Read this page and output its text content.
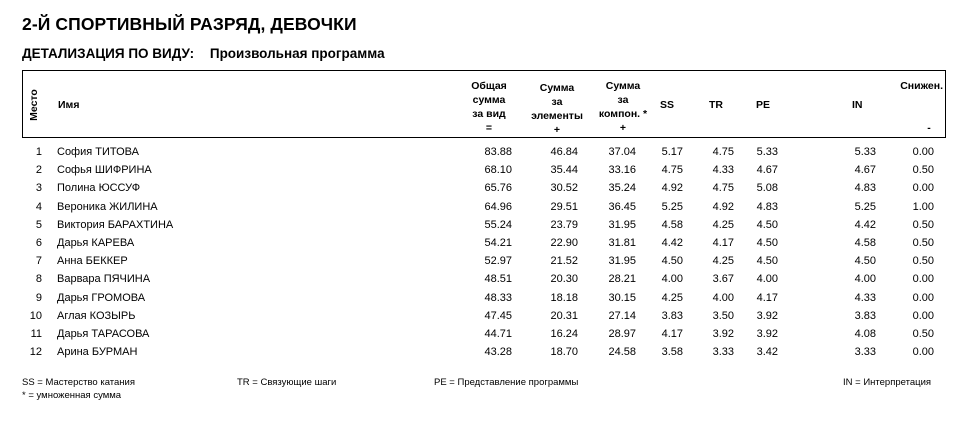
2-Й СПОРТИВНЫЙ РАЗРЯД, ДЕВОЧКИ
ДЕТАЛИЗАЦИЯ ПО ВИДУ: Произвольная программа
Место Имя
Общая
сумма
за вид
=
Сумма
за
элементы
+
Сумма
за
компон. *
+
SS	TR	PE	IN
Снижен.
-
1 София ТИТОВА	83.88	46.84	37.04	5.17	4.75	5.33	5.33	0.00
2 Софья ШИФРИНА	68.10	35.44	33.16	4.75	4.33	4.67	4.67	0.50
3 Полина ЮССУФ	65.76	30.52	35.24	4.92	4.75	5.08	4.83	0.00
4 Вероника ЖИЛИНА	64.96	29.51	36.45	5.25	4.92	4.83	5.25	1.00
5 Виктория БАРАХТИНА	55.24	23.79	31.95	4.58	4.25	4.50	4.42	0.50
6 Дарья КАРЕВА	54.21	22.90	31.81	4.42	4.17	4.50	4.58	0.50
7 Анна БЕККЕР	52.97	21.52	31.95	4.50	4.25	4.50	4.50	0.50
8 Варвара ПЯЧИНА	48.51	20.30	28.21	4.00	3.67	4.00	4.00	0.00
9 Дарья ГРОМОВА	48.33	18.18	30.15	4.25	4.00	4.17	4.33	0.00
10 Аглая КОЗЫРЬ	47.45	20.31	27.14	3.83	3.50	3.92	3.83	0.00
11 Дарья ТАРАСОВА	44.71	16.24	28.97	4.17	3.92	3.92	4.08	0.50
12 Арина БУРМАН	43.28	18.70	24.58	3.58	3.33	3.42	3.33	0.00
SS = Мастерство катания	TR = Связующие шаги	PE = Представление программы	IN = Интерпретация
* = умноженная сумма
